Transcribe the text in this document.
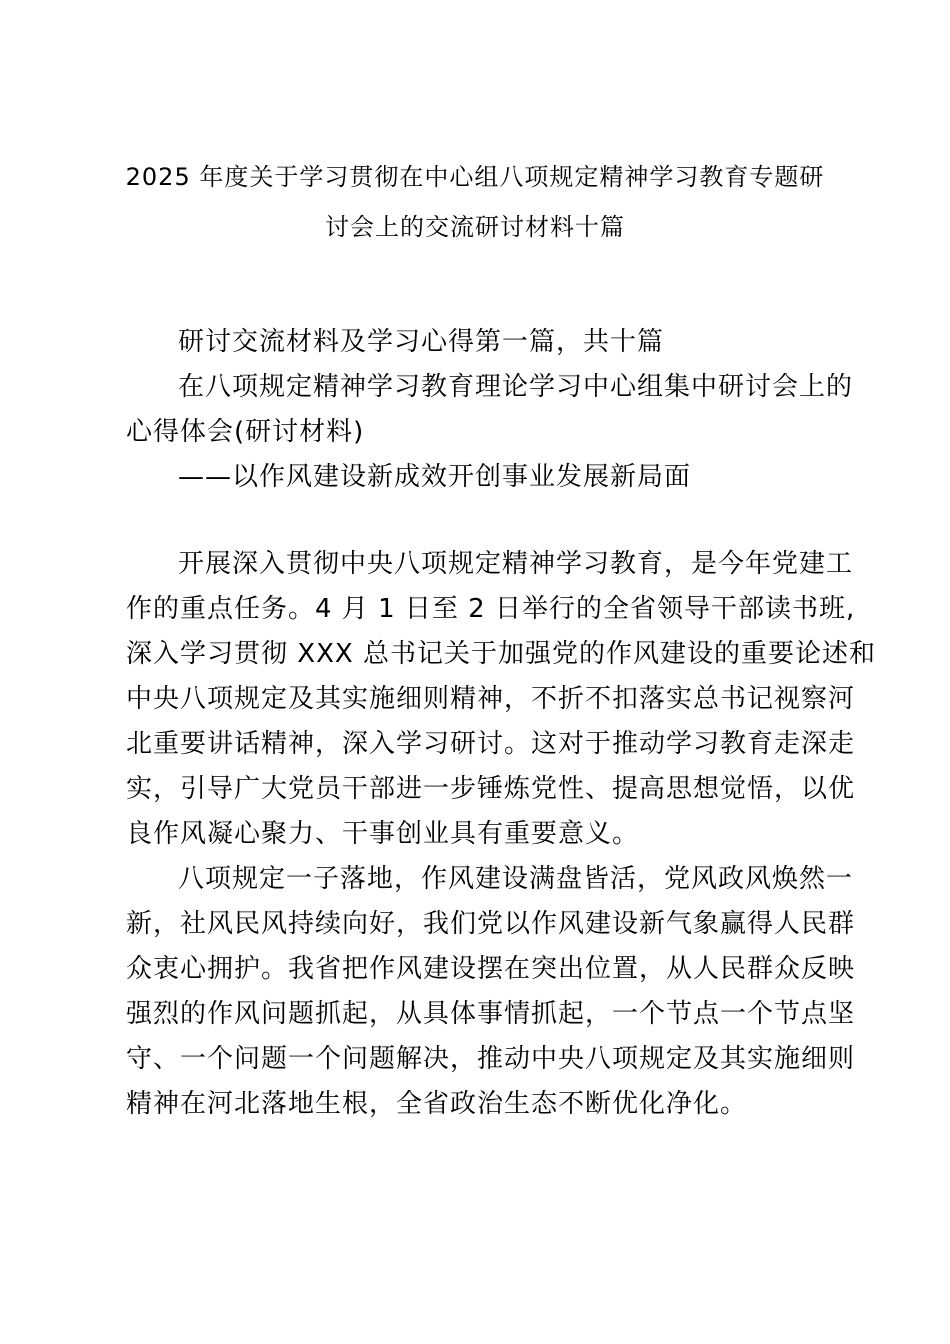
2025 年度关于学习贯彻在中心组八项规定精神学习教育专题研
讨会上的交流研讨材料十篇
研讨交流材料及学习心得第一篇，共十篇
在八项规定精神学习教育理论学习中心组集中研讨会上的
心得体会(研讨材料)
——以作风建设新成效开创事业发展新局面
开展深入贯彻中央八项规定精神学习教育，是今年党建工
作的重点任务。4 月 1 日至 2 日举行的全省领导干部读书班,
深入学习贯彻 XXX 总书记关于加强党的作风建设的重要论述和
中央八项规定及其实施细则精神，不折不扣落实总书记视察河
北重要讲话精神，深入学习研讨。这对于推动学习教育走深走
实，引导广大党员干部进一步锤炼党性、提高思想觉悟，以优
良作风凝心聚力、干事创业具有重要意义。
八项规定一子落地，作风建设满盘皆活，党风政风焕然一
新，社风民风持续向好，我们党以作风建设新气象赢得人民群
众衷心拥护。我省把作风建设摆在突出位置，从人民群众反映
强烈的作风问题抓起，从具体事情抓起，一个节点一个节点坚
守、一个问题一个问题解决，推动中央八项规定及其实施细则
精神在河北落地生根，全省政治生态不断优化净化。
